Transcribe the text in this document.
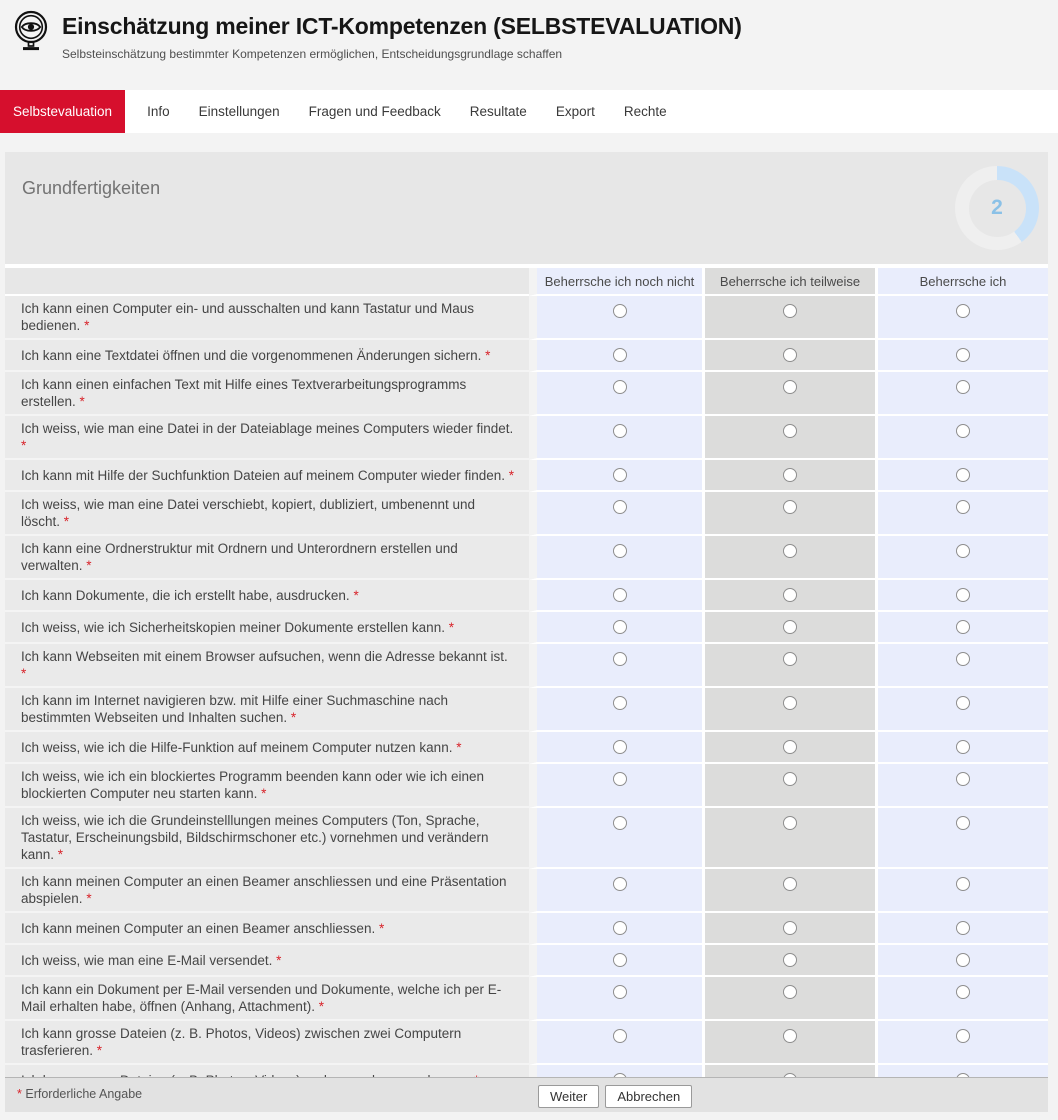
Einschätzung meiner ICT-Kompetenzen (SELBSTEVALUATION)

Selbsteinschätzung bestimmter Kompetenzen ermöglichen, Entscheidungsgrundlage schaffen

Selbstevaluation	Info	Einstellungen	Fragen und Feedback	Resultate	Export	Rechte
Grundfertigkeiten
2
Beherrsche ich noch nicht	Beherrsche ich teilweise	Beherrsche ich
Ich kann einen Computer ein- und ausschalten und kann Tastatur und Maus bedienen. *
Ich kann eine Textdatei öffnen und die vorgenommenen Änderungen sichern. *
Ich kann einen einfachen Text mit Hilfe eines Textverarbeitungsprogramms erstellen. *
Ich weiss, wie man eine Datei in der Dateiablage meines Computers wieder findet. *
Ich kann mit Hilfe der Suchfunktion Dateien auf meinem Computer wieder finden. *
Ich weiss, wie man eine Datei verschiebt, kopiert, dubliziert, umbenennt und löscht. *
Ich kann eine Ordnerstruktur mit Ordnern und Unterordnern erstellen und verwalten. *
Ich kann Dokumente, die ich erstellt habe, ausdrucken. *
Ich weiss, wie ich Sicherheitskopien meiner Dokumente erstellen kann. *
Ich kann Webseiten mit einem Browser aufsuchen, wenn die Adresse bekannt ist. *
Ich kann im Internet navigieren bzw. mit Hilfe einer Suchmaschine nach bestimmten Webseiten und Inhalten suchen. *
Ich weiss, wie ich die Hilfe-Funktion auf meinem Computer nutzen kann. *
Ich weiss, wie ich ein blockiertes Programm beenden kann oder wie ich einen blockierten Computer neu starten kann. *
Ich weiss, wie ich die Grundeinstelllungen meines Computers (Ton, Sprache, Tastatur, Erscheinungsbild, Bildschirmschoner etc.) vornehmen und verändern kann. *
Ich kann meinen Computer an einen Beamer anschliessen und eine Präsentation abspielen. *
Ich kann meinen Computer an einen Beamer anschliessen. *
Ich weiss, wie man eine E-Mail versendet. *
Ich kann ein Dokument per E-Mail versenden und Dokumente, welche ich per E-Mail erhalten habe, öffnen (Anhang, Attachment). *
Ich kann grosse Dateien (z. B. Photos, Videos) zwischen zwei Computern trasferieren. *
* Erforderliche Angabe	Weiter	Abbrechen
